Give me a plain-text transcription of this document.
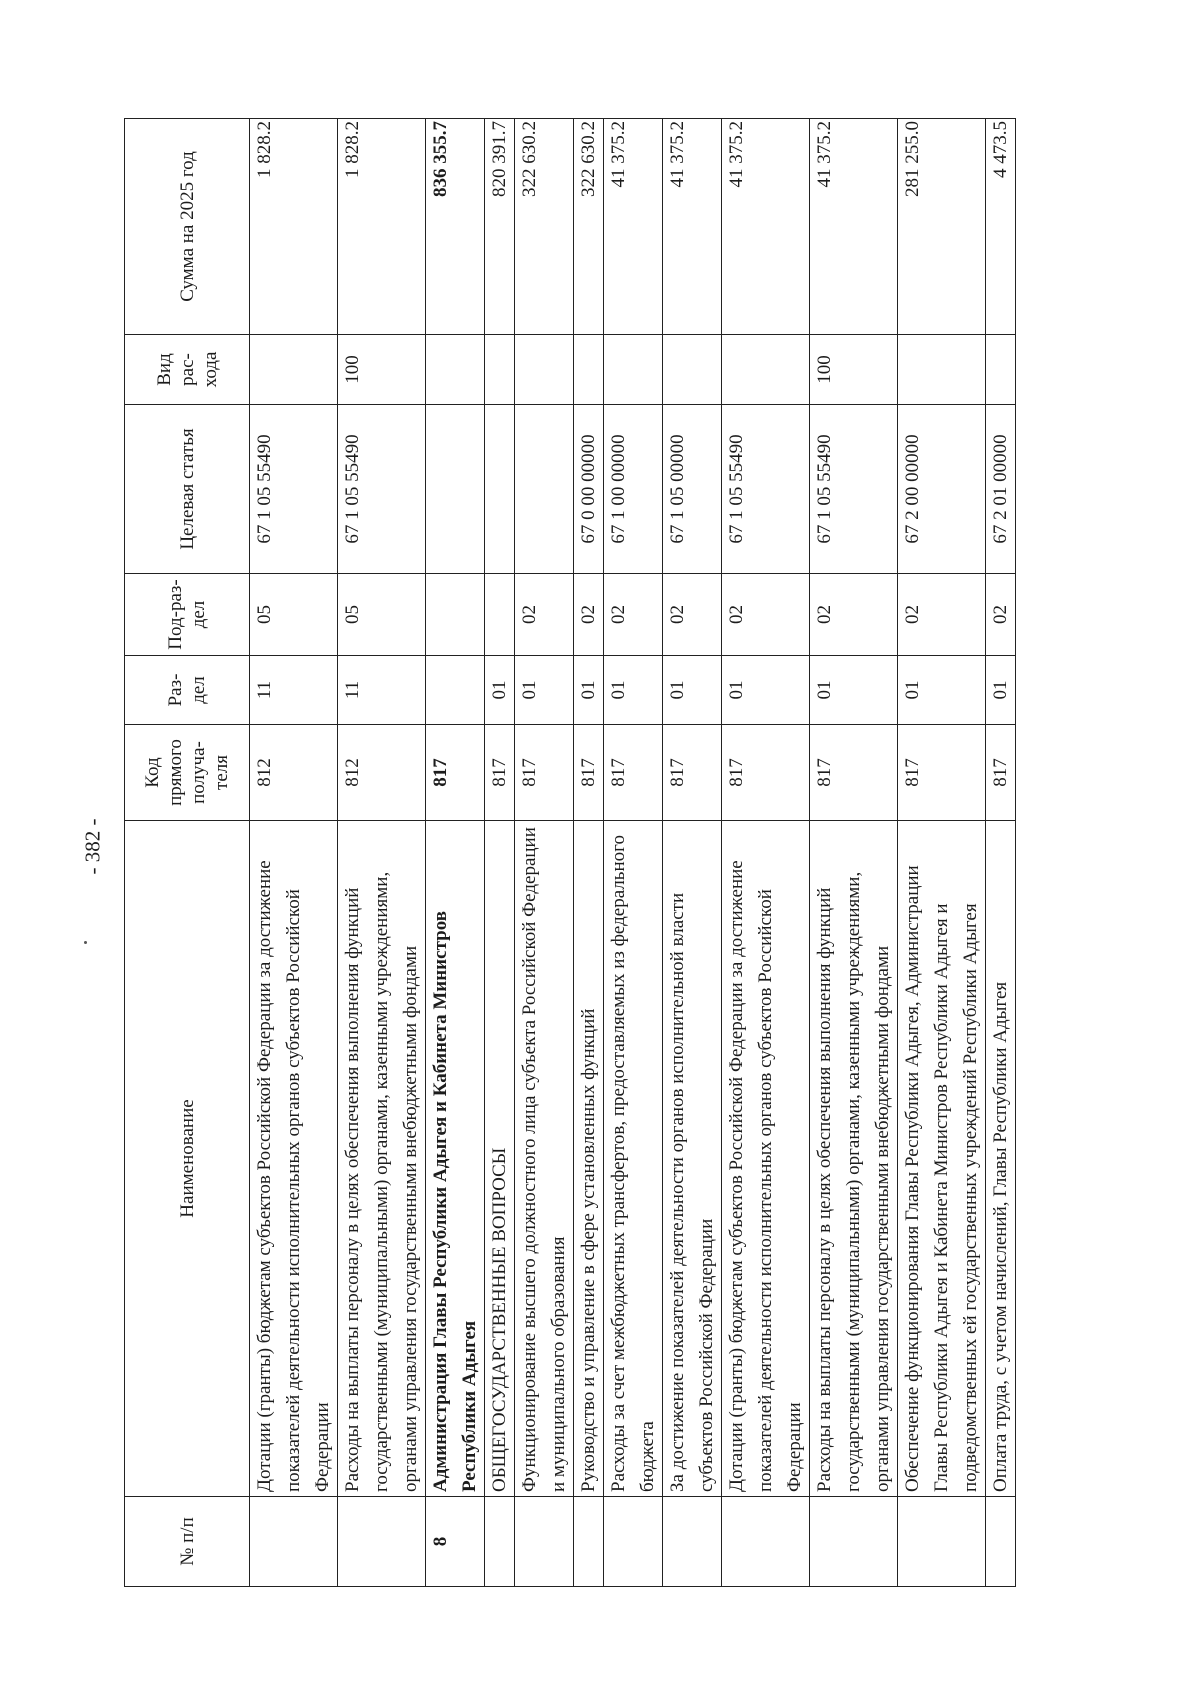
- 382 -
№ п/п	Наименование	Код прямого получа-теля	Раз-дел	Под-раз-дел	Целевая статья	Вид рас-хода	Сумма на 2025 год
	Дотации (гранты) бюджетам субъектов Российской Федерации за достижение показателей деятельности исполнительных органов субъектов Российской Федерации	812	11	05	67 1 05 55490		1 828.2
	Расходы на выплаты персоналу в целях обеспечения выполнения функций государственными (муниципальными) органами, казенными учреждениями, органами управления государственными внебюджетными фондами	812	11	05	67 1 05 55490	100	1 828.2
8	Администрация Главы Республики Адыгея и Кабинета Министров Республики Адыгея	817					836 355.7
	ОБЩЕГОСУДАРСТВЕННЫЕ ВОПРОСЫ	817	01				820 391.7
	Функционирование высшего должностного лица субъекта Российской Федерации и муниципального образования	817	01	02			322 630.2
	Руководство и управление в сфере установленных функций	817	01	02	67 0 00 00000		322 630.2
	Расходы за счет межбюджетных трансфертов, предоставляемых из федерального бюджета	817	01	02	67 1 00 00000		41 375.2
	За достижение показателей деятельности органов исполнительной власти субъектов Российской Федерации	817	01	02	67 1 05 00000		41 375.2
	Дотации (гранты) бюджетам субъектов Российской Федерации за достижение показателей деятельности исполнительных органов субъектов Российской Федерации	817	01	02	67 1 05 55490		41 375.2
	Расходы на выплаты персоналу в целях обеспечения выполнения функций государственными (муниципальными) органами, казенными учреждениями, органами управления государственными внебюджетными фондами	817	01	02	67 1 05 55490	100	41 375.2
	Обеспечение функционирования Главы Республики Адыгея, Администрации Главы Республики Адыгея и Кабинета Министров Республики Адыгея и подведомственных ей государственных учреждений Республики Адыгея	817	01	02	67 2 00 00000		281 255.0
	Оплата труда, с учетом начислений, Главы Республики Адыгея	817	01	02	67 2 01 00000		4 473.5
